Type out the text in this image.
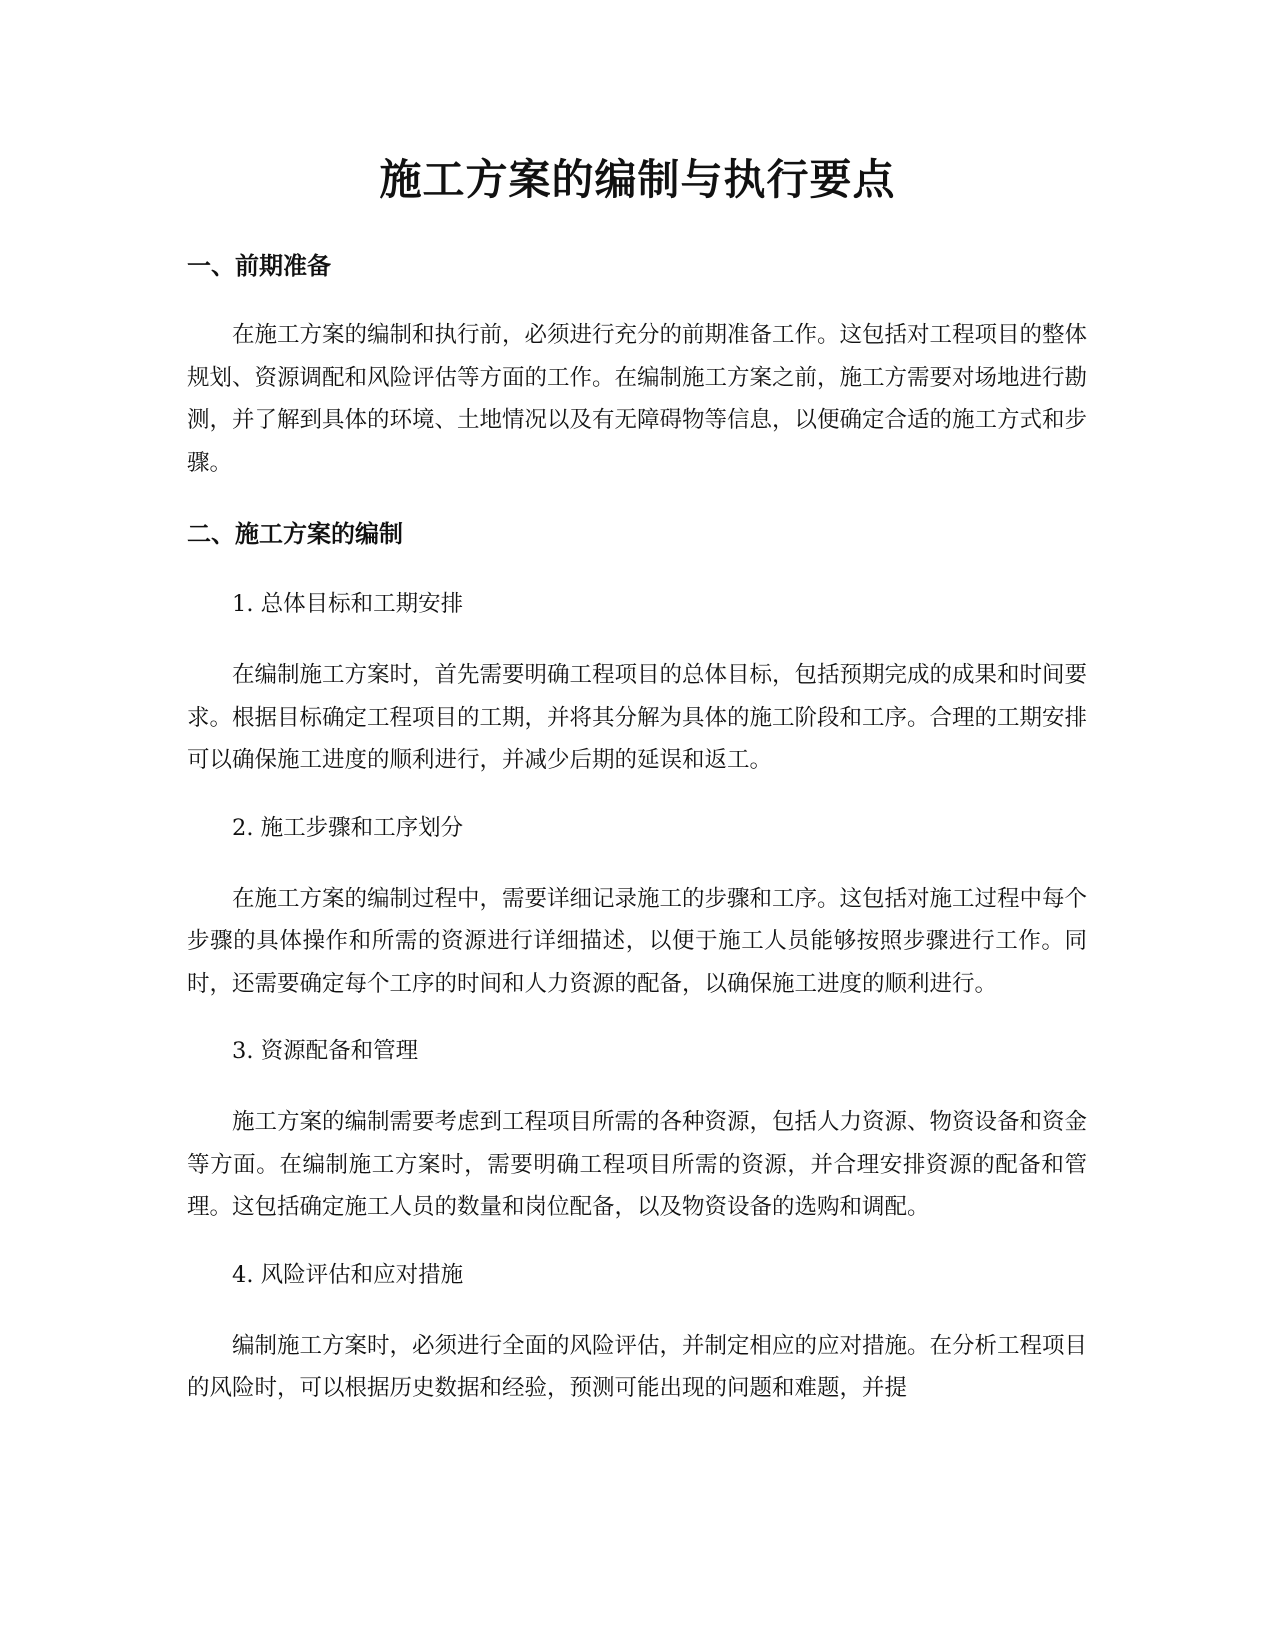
施工方案的编制与执行要点
一、前期准备

在施工方案的编制和执行前，必须进行充分的前期准备工作。这包括对工程项目的整体规划、资源调配和风险评估等方面的工作。在编制施工方案之前，施工方需要对场地进行勘测，并了解到具体的环境、土地情况以及有无障碍物等信息，以便确定合适的施工方式和步骤。

二、施工方案的编制

1. 总体目标和工期安排

在编制施工方案时，首先需要明确工程项目的总体目标，包括预期完成的成果和时间要求。根据目标确定工程项目的工期，并将其分解为具体的施工阶段和工序。合理的工期安排可以确保施工进度的顺利进行，并减少后期的延误和返工。

2. 施工步骤和工序划分

在施工方案的编制过程中，需要详细记录施工的步骤和工序。这包括对施工过程中每个步骤的具体操作和所需的资源进行详细描述，以便于施工人员能够按照步骤进行工作。同时，还需要确定每个工序的时间和人力资源的配备，以确保施工进度的顺利进行。

3. 资源配备和管理

施工方案的编制需要考虑到工程项目所需的各种资源，包括人力资源、物资设备和资金等方面。在编制施工方案时，需要明确工程项目所需的资源，并合理安排资源的配备和管理。这包括确定施工人员的数量和岗位配备，以及物资设备的选购和调配。

4. 风险评估和应对措施

编制施工方案时，必须进行全面的风险评估，并制定相应的应对措施。在分析工程项目的风险时，可以根据历史数据和经验，预测可能出现的问题和难题，并提
